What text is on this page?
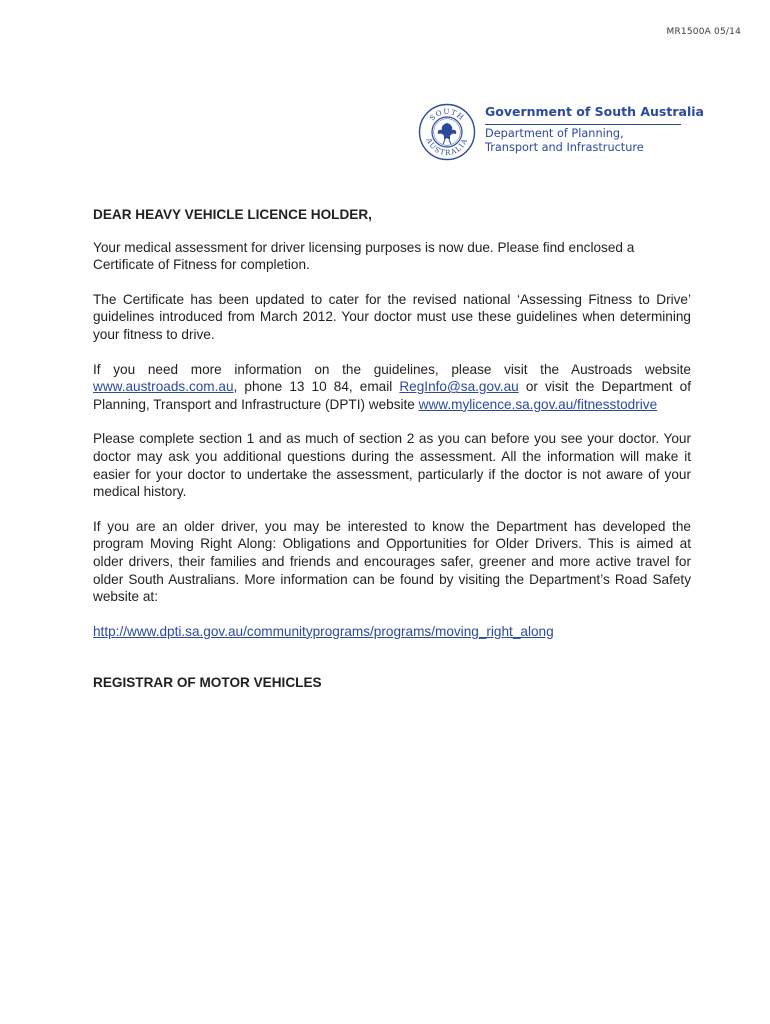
MR1500A 05/14
SOUTH
AUSTRALIA
Government of South Australia
Department of Planning,
Transport and Infrastructure

DEAR HEAVY VEHICLE LICENCE HOLDER,

Your medical assessment for driver licensing purposes is now due. Please find enclosed a Certificate of Fitness for completion.

The Certificate has been updated to cater for the revised national ‘Assessing Fitness to Drive’ guidelines introduced from March 2012. Your doctor must use these guidelines when determining your fitness to drive.

If you need more information on the guidelines, please visit the Austroads website www.austroads.com.au, phone 13 10 84, email RegInfo@sa.gov.au or visit the Department of Planning, Transport and Infrastructure (DPTI) website www.mylicence.sa.gov.au/fitnesstodrive

Please complete section 1 and as much of section 2 as you can before you see your doctor. Your doctor may ask you additional questions during the assessment. All the information will make it easier for your doctor to undertake the assessment, particularly if the doctor is not aware of your medical history.

If you are an older driver, you may be interested to know the Department has developed the program Moving Right Along: Obligations and Opportunities for Older Drivers. This is aimed at older drivers, their families and friends and encourages safer, greener and more active travel for older South Australians. More information can be found by visiting the Department’s Road Safety website at:

http://www.dpti.sa.gov.au/communityprograms/programs/moving_right_along

REGISTRAR OF MOTOR VEHICLES
